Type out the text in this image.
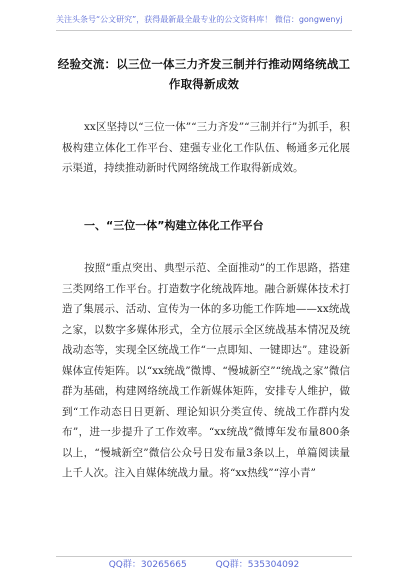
关注头条号“公文研究”，获得最新最全最专业的公文资料库！ 微信：gongwenyj
经验交流：以三位一体三力齐发三制并行推动网络统战工
作取得新成效
xx区坚持以“三位一体”“三力齐发”“三制并行”为抓手，积极构建立体化工作平台、建强专业化工作队伍、畅通多元化展示渠道，持续推动新时代网络统战工作取得新成效。
一、“三位一体”构建立体化工作平台
按照“重点突出、典型示范、全面推动”的工作思路，搭建三类网络工作平台。打造数字化统战阵地。融合新媒体技术打造了集展示、活动、宣传为一体的多功能工作阵地——xx统战之家，以数字多媒体形式，全方位展示全区统战基本情况及统战动态等，实现全区统战工作“一点即知、一键即达”。建设新媒体宣传矩阵。以“xx统战”微博、“慢城新空”“统战之家”微信群为基础，构建网络统战工作新媒体矩阵，安排专人维护，做到“工作动态日日更新、理论知识分类宣传、统战工作群内发布”，进一步提升了工作效率。“xx统战”微博年发布量800条以上，“慢城新空”微信公众号日发布量3条以上，单篇阅读量上千人次。注入自媒体统战力量。将“xx热线”“淳小青”
QQ群：30265665	QQ群：535304092
